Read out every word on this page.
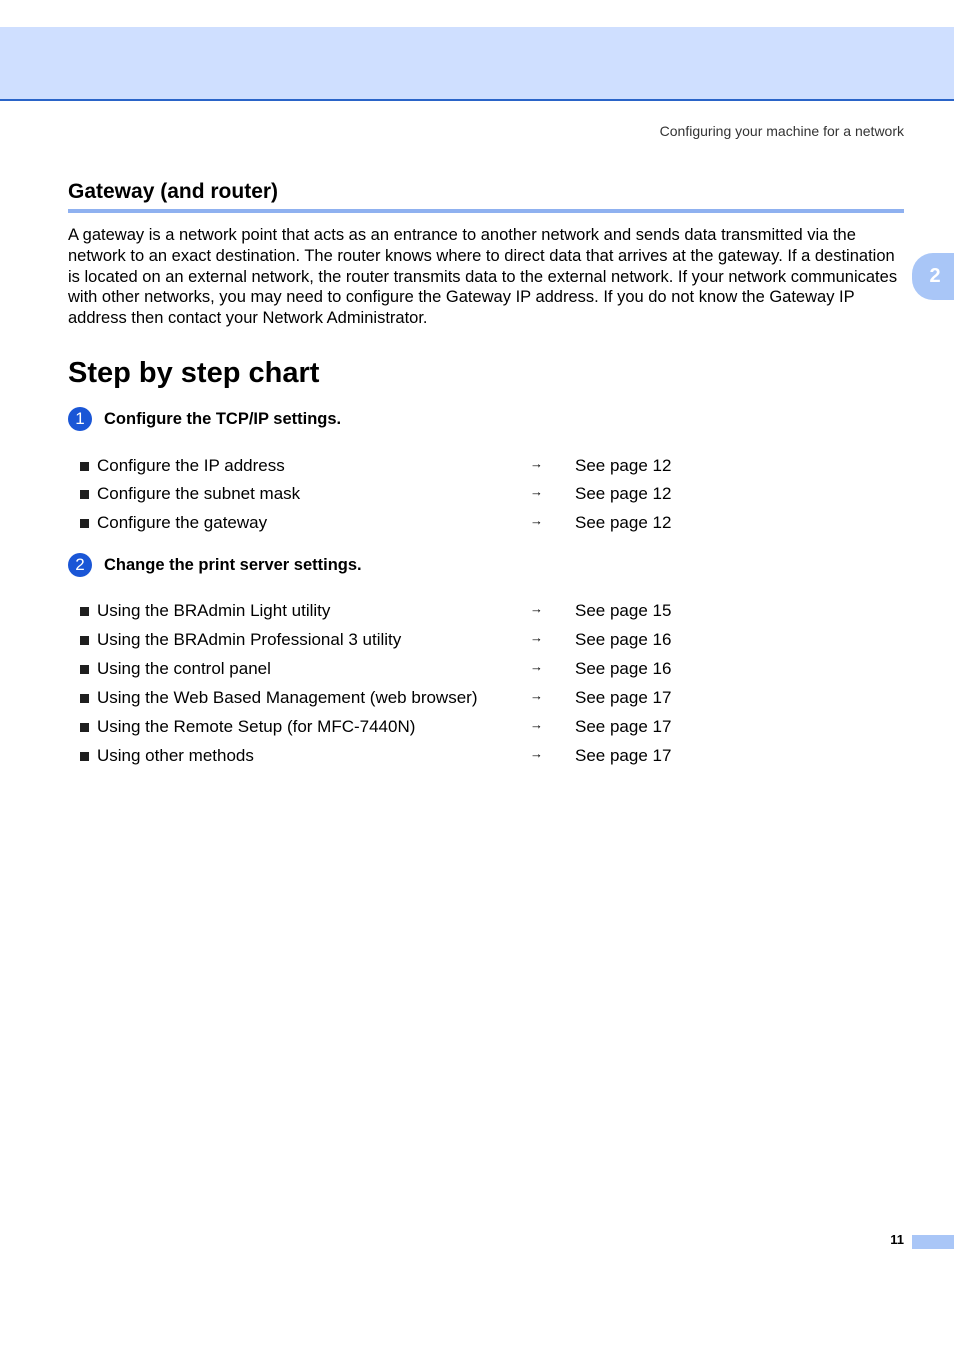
Configuring your machine for a network
2
Gateway (and router)

A gateway is a network point that acts as an entrance to another network and sends data transmitted via the network to an exact destination. The router knows where to direct data that arrives at the gateway. If a destination is located on an external network, the router transmits data to the external network. If your network communicates with other networks, you may need to configure the Gateway IP address. If you do not know the Gateway IP address then contact your Network Administrator.

Step by step chart
1	Configure the TCP/IP settings.
Configure the IP address	→ See page 12
Configure the subnet mask	→ See page 12
Configure the gateway	→ See page 12
2	Change the print server settings.
Using the BRAdmin Light utility	→ See page 15
Using the BRAdmin Professional 3 utility	→ See page 16
Using the control panel	→ See page 16
Using the Web Based Management (web browser)	→ See page 17
Using the Remote Setup (for MFC-7440N)	→ See page 17
Using other methods	→ See page 17
11
